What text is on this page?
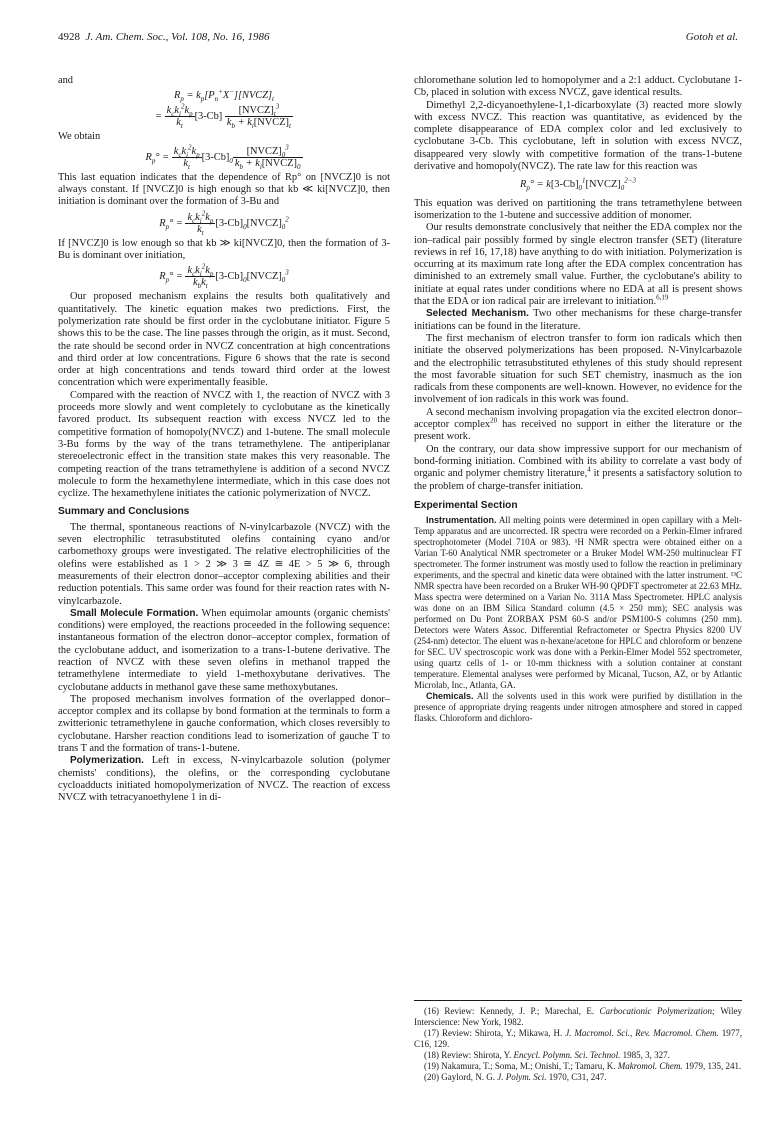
4928 J. Am. Chem. Soc., Vol. 108, No. 16, 1986	Gotoh et al.

and

$R_p$ = $k_p[P_n^+X^-][NVCZ]_t$
= $\frac{k_ck_i^2k_p}{k_t} [3-Cb] \frac{[NVCZ]_t^3}{k_b + k_i[NVCZ]_t}$

We obtain

$R_p^\circ = \frac{k_ck_i^2k_p}{k_t} [3-Cb]_0 \frac{[NVCZ]_0^3}{k_b + k_i[NVCZ]_0}$

This last equation indicates that the dependence of Rp° on [NVCZ]0 is not always constant. If [NVCZ]0 is high enough so that kb ≪ ki[NVCZ]0, then initiation is dominant over the formation of 3-Bu and

$R_p^\circ = \frac{k_ck_i^2k_p}{k_t}$ $[3-Cb]_0[NVCZ]_0^2$

If [NVCZ]0 is low enough so that kb ≫ ki[NVCZ]0, then the formation of 3-Bu is dominant over initiation,

$R_p^\circ = \frac{k_ck_i^2k_p}{k_bk_t}$ $[3-Cb]_0[NVCZ]_0^3$

Our proposed mechanism explains the results both qualitatively and quantitatively. The kinetic equation makes two predictions. First, the polymerization rate should be first order in the cyclobutane initiator. Figure 5 shows this to be the case. The line passes through the origin, as it must. Second, the rate should be second order in NVCZ concentration at high concentrations and third order at low concentrations. Figure 6 shows that the rate is second order at high concentrations and tends toward third order at the lowest concentration which were experimentally feasible.

Compared with the reaction of NVCZ with 1, the reaction of NVCZ with 3 proceeds more slowly and went completely to cyclobutane as the kinetically favored product. Its subsequent reaction with excess NVCZ led to the competitive formation of homopoly(NVCZ) and 1-butene. The small molecule 3-Bu forms by the way of the trans tetramethylene. The antiperiplanar stereoelectronic effect in the transition state makes this very reasonable. The competing reaction of the trans tetramethylene is addition of a second NVCZ molecule to form the hexamethylene intermediate, which in this case does not cyclize. The hexamethylene initiates the cationic polymerization of NVCZ.

Summary and Conclusions

The thermal, spontaneous reactions of N-vinylcarbazole (NVCZ) with the seven electrophilic tetrasubstituted olefins containing cyano and/or carbomethoxy groups were investigated. The relative electrophilicities of the olefins were established as 1 > 2 ≫ 3 ≅ 4Z ≅ 4E > 5 ≫ 6, through measurements of their electron donor–acceptor complexing abilities and their reduction potentials. This same order was found for their reaction rates with N-vinylcarbazole.

Small Molecule Formation. When equimolar amounts (organic chemists' conditions) were employed, the reactions proceeded in the following sequence: instantaneous formation of the electron donor–acceptor complex, formation of the cyclobutane adduct, and isomerization to a trans-1-butene derivative. The reaction of NVCZ with these seven olefins in methanol trapped the tetramethylene intermediate to yield 1-methoxybutane derivatives. The cyclobutane adducts in methanol gave these same methoxybutanes.

The proposed mechanism involves formation of the overlapped donor–acceptor complex and its collapse by bond formation at the terminals to form a zwitterionic tetramethylene in gauche conformation, which closes reversibly to cyclobutane. Harsher reaction conditions lead to isomerization of gauche T to trans T and the formation of trans-1-butene.

Polymerization. Left in excess, N-vinylcarbazole solution (polymer chemists' conditions), the olefins, or the corresponding cyclobutane cycloadducts initiated homopolymerization of NVCZ. The reaction of excess NVCZ with tetracyanoethylene 1 in di-

chloromethane solution led to homopolymer and a 2:1 adduct. Cyclobutane 1-Cb, placed in solution with excess NVCZ, gave identical results.

Dimethyl 2,2-dicyanoethylene-1,1-dicarboxylate (3) reacted more slowly with excess NVCZ. This reaction was quantitative, as evidenced by the complete disappearance of EDA complex color and led exclusively to cyclobutane 3-Cb. This cyclobutane, left in solution with excess NVCZ, disappeared very slowly with competitive formation of the trans-1-butene derivative and homopoly(NVCZ). The rate law for this reaction was

$R_p^\circ$ = $k[3-Cb]_0^1[NVCZ]_0^{2-3}$

This equation was derived on partitioning the trans tetramethylene between isomerization to the 1-butene and successive addition of monomer.

Our results demonstrate conclusively that neither the EDA complex nor the ion–radical pair possibly formed by single electron transfer (SET) (literature reviews in ref 16, 17,18) have anything to do with initiation. Polymerization is occurring at its maximum rate long after the EDA complex concentration has diminished to an extremely small value. Further, the cyclobutane's ability to initiate at equal rates under conditions where no EDA at all is present shows that the EDA or ion radical pair are irrelevant to initiation.$^{6,19}$

Selected Mechanism. Two other mechanisms for these charge-transfer initiations can be found in the literature.

The first mechanism of electron transfer to form ion radicals which then initiate the observed polymerizations has been proposed. N-Vinylcarbazole and the electrophilic tetrasubstituted ethylenes of this study should represent the most favorable situation for such SET chemistry, inasmuch as the ion radicals from these components are well-known. However, no evidence for the involvement of ion radicals in this work was found.

A second mechanism involving propagation via the excited electron donor–acceptor complex$^{20}$ has received no support in either the literature or the present work.

On the contrary, our data show impressive support for our mechanism of bond-forming initiation. Combined with its ability to correlate a vast body of organic and polymer chemistry literature,$^4$ it presents a satisfactory solution to the problem of charge-transfer initiation.

Experimental Section

Instrumentation. All melting points were determined in open capillary with a Melt-Temp apparatus and are uncorrected. IR spectra were recorded on a Perkin-Elmer infrared spectrophotometer (Model 710A or 983). ¹H NMR spectra were obtained either on a Varian T-60 Analytical NMR spectrometer or a Bruker Model WM-250 multinuclear FT spectrometer. The former instrument was mostly used to follow the reaction in preliminary experiments, and the spectral and kinetic data were obtained with the latter instrument. ¹³C NMR spectra have been recorded on a Bruker WH-90 QPDFT spectrometer at 22.63 MHz. Mass spectra were determined on a Varian No. 311A Mass Spectrometer. HPLC analysis was done on an IBM Silica Standard column (4.5 × 250 mm); SEC analysis was performed on Du Pont ZORBAX PSM 60-S and/or PSM100-S columns (250 mm). Detectors were Waters Assoc. Differential Refractometer or Spectra Physics 8200 UV (254-nm) detector. The eluent was n-hexane/acetone for HPLC and chloroform or benzene for SEC. UV spectroscopic work was done with a Perkin-Elmer Model 552 spectrometer, using quartz cells of 1- or 10-mm thickness with a solution container at constant temperature. Elemental analyses were performed by Micanal, Tucson, AZ, or by Atlantic Microlab, Inc., Atlanta, GA.

Chemicals. All the solvents used in this work were purified by distillation in the presence of appropriate drying reagents under nitrogen atmosphere and stored in capped flasks. Chloroform and dichloro-

(16) Review: Kennedy, J. P.; Marechal, E. Carbocationic Polymerization; Wiley Interscience: New York, 1982.

(17) Review: Shirota, Y.; Mikawa, H. J. Macromol. Sci., Rev. Macromol. Chem. 1977, C16, 129.

(18) Review: Shirota, Y. Encycl. Polymn. Sci. Technol. 1985, 3, 327.

(19) Nakamura, T.; Soma, M.; Onishi, T.; Tamaru, K. Makromol. Chem. 1979, 135, 241.

(20) Gaylord, N. G. J. Polym. Sci. 1970, C31, 247.
